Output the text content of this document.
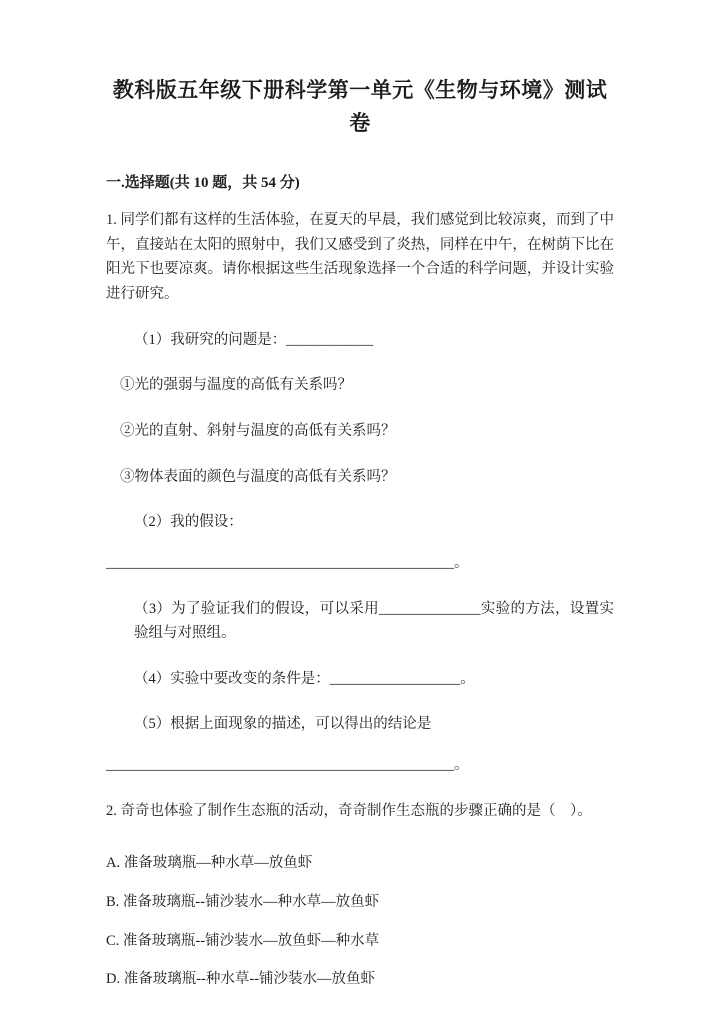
教科版五年级下册科学第一单元《生物与环境》测试卷
一.选择题(共 10 题，共 54 分)

1. 同学们都有这样的生活体验，在夏天的早晨，我们感觉到比较凉爽，而到了中午，直接站在太阳的照射中，我们又感受到了炎热，同样在中午，在树荫下比在阳光下也要凉爽。请你根据这些生活现象选择一个合适的科学问题，并设计实验进行研究。

（1）我研究的问题是：____________

①光的强弱与温度的高低有关系吗？

②光的直射、斜射与温度的高低有关系吗？

③物体表面的颜色与温度的高低有关系吗？

（2）我的假设：

________________________________________________。

（3）为了验证我们的假设，可以采用______________实验的方法，设置实验组与对照组。

（4）实验中要改变的条件是：__________________。

（5）根据上面现象的描述，可以得出的结论是

________________________________________________。

2. 奇奇也体验了制作生态瓶的活动，奇奇制作生态瓶的步骤正确的是（　）。

A. 准备玻璃瓶—种水草—放鱼虾

B. 准备玻璃瓶--铺沙装水—种水草—放鱼虾

C. 准备玻璃瓶--铺沙装水—放鱼虾—种水草

D. 准备玻璃瓶--种水草--铺沙装水—放鱼虾
